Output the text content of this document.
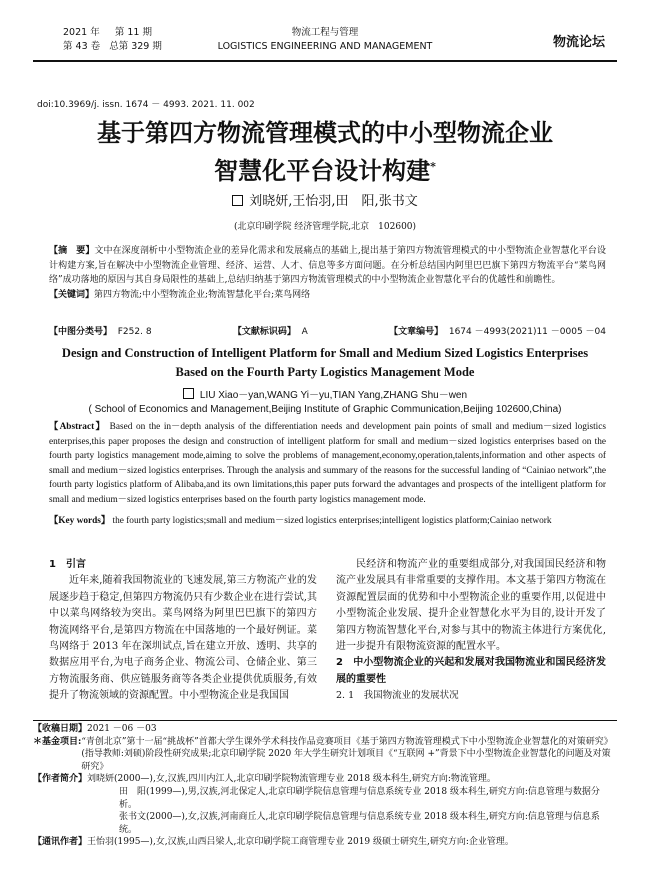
2021 年 第 11 期
第 43 卷 总第 329 期
物流工程与管理
LOGISTICS ENGINEERING AND MANAGEMENT	物流论坛
doi:10.3969/j. issn. 1674 － 4993. 2021. 11. 002
基于第四方物流管理模式的中小型物流企业
智慧化平台设计构建*
刘晓妍,王怡羽,田　阳,张书文
(北京印刷学院 经济管理学院,北京　102600)
【摘　要】文中在深度剖析中小型物流企业的差异化需求和发展痛点的基础上,提出基于第四方物流管理模式的中小型物流企业智慧化平台设计构建方案,旨在解决中小型物流企业管理、经济、运营、人才、信息等多方面问题。在分析总结国内阿里巴巴旗下第四方物流平台“菜鸟网络”成功落地的原因与其自身局限性的基础上,总结归纳基于第四方物流管理模式的中小型物流企业智慧化平台的优越性和前瞻性。
【关键词】第四方物流;中小型物流企业;物流智慧化平台;菜鸟网络
【中图分类号】 F252. 8	【文献标识码】 A	【文章编号】 1674 －4993(2021)11 －0005 －04
Design and Construction of Intelligent Platform for Small and Medium Sized Logistics Enterprises
Based on the Fourth Party Logistics Management Mode
LIU Xiao－yan,WANG Yi－yu,TIAN Yang,ZHANG Shu－wen
( School of Economics and Management,Beijing Institute of Graphic Communication,Beijing 102600,China)
【Abstract】 Based on the in－depth analysis of the differentiation needs and development pain points of small and medium－sized logistics enterprises,this paper proposes the design and construction of intelligent platform for small and medium－sized logistics enterprises based on the fourth party logistics management mode,aiming to solve the problems of management,economy,operation,talents,information and other aspects of small and medium－sized logistics enterprises. Through the analysis and summary of the reasons for the successful landing of “Cainiao network”,the fourth party logistics platform of Alibaba,and its own limitations,this paper puts forward the advantages and prospects of the intelligent platform for small and medium－sized logistics enterprises based on the fourth party logistics management mode.
【Key words】 the fourth party logistics;small and medium－sized logistics enterprises;intelligent logistics platform;Cainiao network
1　引言
近年来,随着我国物流业的飞速发展,第三方物流产业的发展逐步趋于稳定,但第四方物流仍只有少数企业在进行尝试,其中以菜鸟网络较为突出。菜鸟网络为阿里巴巴旗下的第四方物流网络平台,是第四方物流在中国落地的一个最好例证。菜鸟网络于 2013 年在深圳试点,旨在建立开放、透明、共享的数据应用平台,为电子商务企业、物流公司、仓储企业、第三方物流服务商、供应链服务商等各类企业提供优质服务,有效提升了物流领域的资源配置。中小型物流企业是我国国
民经济和物流产业的重要组成部分,对我国国民经济和物流产业发展具有非常重要的支撑作用。本文基于第四方物流在资源配置层面的优势和中小型物流企业的重要作用,以促进中小型物流企业发展、提升企业智慧化水平为目的,设计开发了第四方物流智慧化平台,对参与其中的物流主体进行方案优化,进一步提升有限物流资源的配置水平。
2　中小型物流企业的兴起和发展对我国物流业和国民经济发展的重要性
2. 1　我国物流业的发展状况
【收稿日期】 2021 －06 －03
＊基金项目: “青创北京”第十一届“挑战杯”首都大学生课外学术科技作品竞赛项目《基于第四方物流管理模式下中小型物流企业智慧化的对策研究》(指导教师:刘硕)阶段性研究成果;北京印刷学院 2020 年大学生研究计划项目《“互联网 +”背景下中小型物流企业智慧化的问题及对策研究》
【作者简介】 刘晓妍(2000—),女,汉族,四川内江人,北京印刷学院物流管理专业 2018 级本科生,研究方向:物流管理。
田　阳(1999—),男,汉族,河北保定人,北京印刷学院信息管理与信息系统专业 2018 级本科生,研究方向:信息管理与数据分析。
张书文(2000—),女,汉族,河南商丘人,北京印刷学院信息管理与信息系统专业 2018 级本科生,研究方向:信息管理与信息系统。
【通讯作者】 王怡羽(1995—),女,汉族,山西吕梁人,北京印刷学院工商管理专业 2019 级硕士研究生,研究方向:企业管理。
